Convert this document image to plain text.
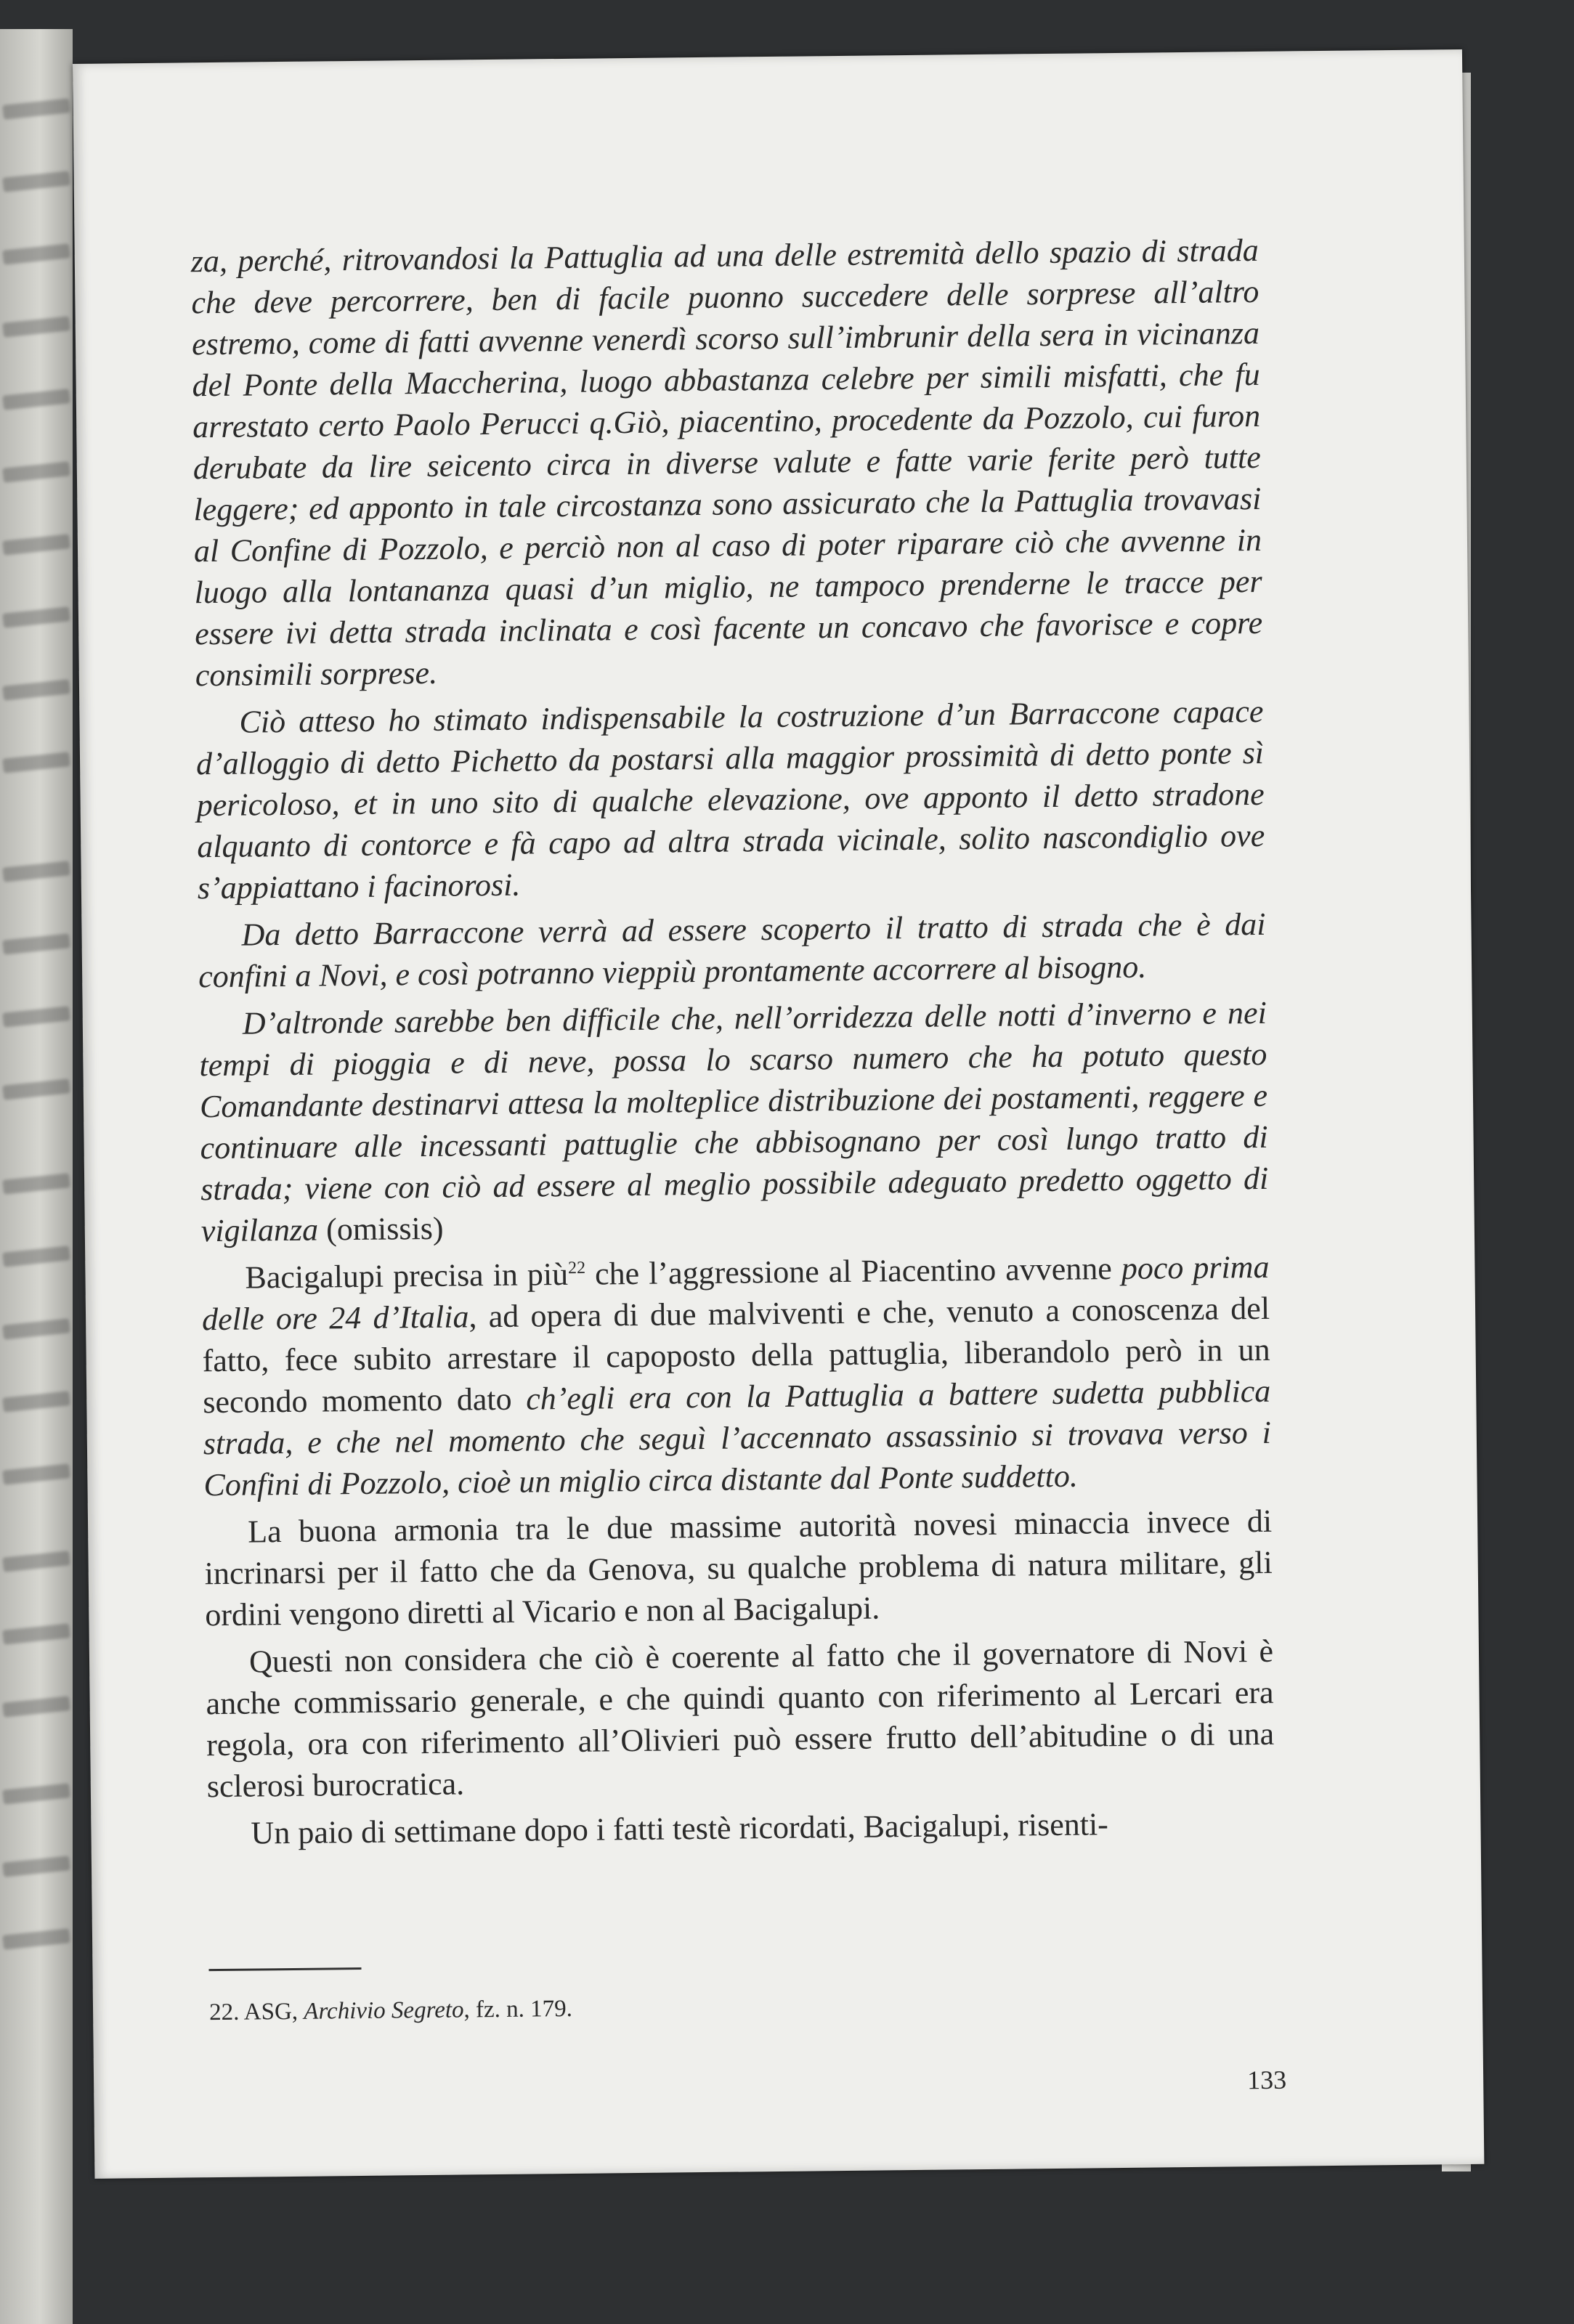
za, perché, ritrovandosi la Pattuglia ad una delle estremità dello spazio di strada che deve percorrere, ben di facile puonno succedere delle sorprese all’altro estremo, come di fatti avvenne venerdì scorso sull’imbrunir della sera in vicinanza del Ponte della Maccherina, luogo abbastanza celebre per simili misfatti, che fu arrestato certo Paolo Perucci q.Giò, piacentino, procedente da Pozzolo, cui furon derubate da lire seicento circa in diverse valute e fatte varie ferite però tutte leggere; ed apponto in tale circostanza sono assicurato che la Pattuglia trovavasi al Confine di Pozzolo, e perciò non al caso di poter riparare ciò che avvenne in luogo alla lontananza quasi d’un miglio, ne tampoco prenderne le tracce per essere ivi detta strada inclinata e così facente un concavo che favorisce e copre consimili sorprese.

Ciò atteso ho stimato indispensabile la costruzione d’un Barraccone capace d’alloggio di detto Pichetto da postarsi alla maggior prossimità di detto ponte sì pericoloso, et in uno sito di qualche elevazione, ove apponto il detto stradone alquanto di contorce e fà capo ad altra strada vicinale, solito nascondiglio ove s’appiattano i facinorosi.

Da detto Barraccone verrà ad essere scoperto il tratto di strada che è dai confini a Novi, e così potranno vieppiù prontamente accorrere al bisogno.

D’altronde sarebbe ben difficile che, nell’orridezza delle notti d’inverno e nei tempi di pioggia e di neve, possa lo scarso numero che ha potuto questo Comandante destinarvi attesa la molteplice distribuzione dei postamenti, reggere e continuare alle incessanti pattuglie che abbisognano per così lungo tratto di strada; viene con ciò ad essere al meglio possibile adeguato predetto oggetto di vigilanza (omissis)

Bacigalupi precisa in più$^{22}$ che l’aggressione al Piacentino avvenne poco prima delle ore 24 d’Italia, ad opera di due malviventi e che, venuto a conoscenza del fatto, fece subito arrestare il capoposto della pattuglia, liberandolo però in un secondo momento dato ch’egli era con la Pattuglia a battere sudetta pubblica strada, e che nel momento che seguì l’accennato assassinio si trovava verso i Confini di Pozzolo, cioè un miglio circa distante dal Ponte suddetto.

La buona armonia tra le due massime autorità novesi minaccia invece di incrinarsi per il fatto che da Genova, su qualche problema di natura militare, gli ordini vengono diretti al Vicario e non al Bacigalupi.

Questi non considera che ciò è coerente al fatto che il governatore di Novi è anche commissario generale, e che quindi quanto con riferimento al Lercari era regola, ora con riferimento all’Olivieri può essere frutto dell’abitudine o di una sclerosi burocratica.

Un paio di settimane dopo i fatti testè ricordati, Bacigalupi, risenti-

22. ASG, Archivio Segreto, fz. n. 179.
133
